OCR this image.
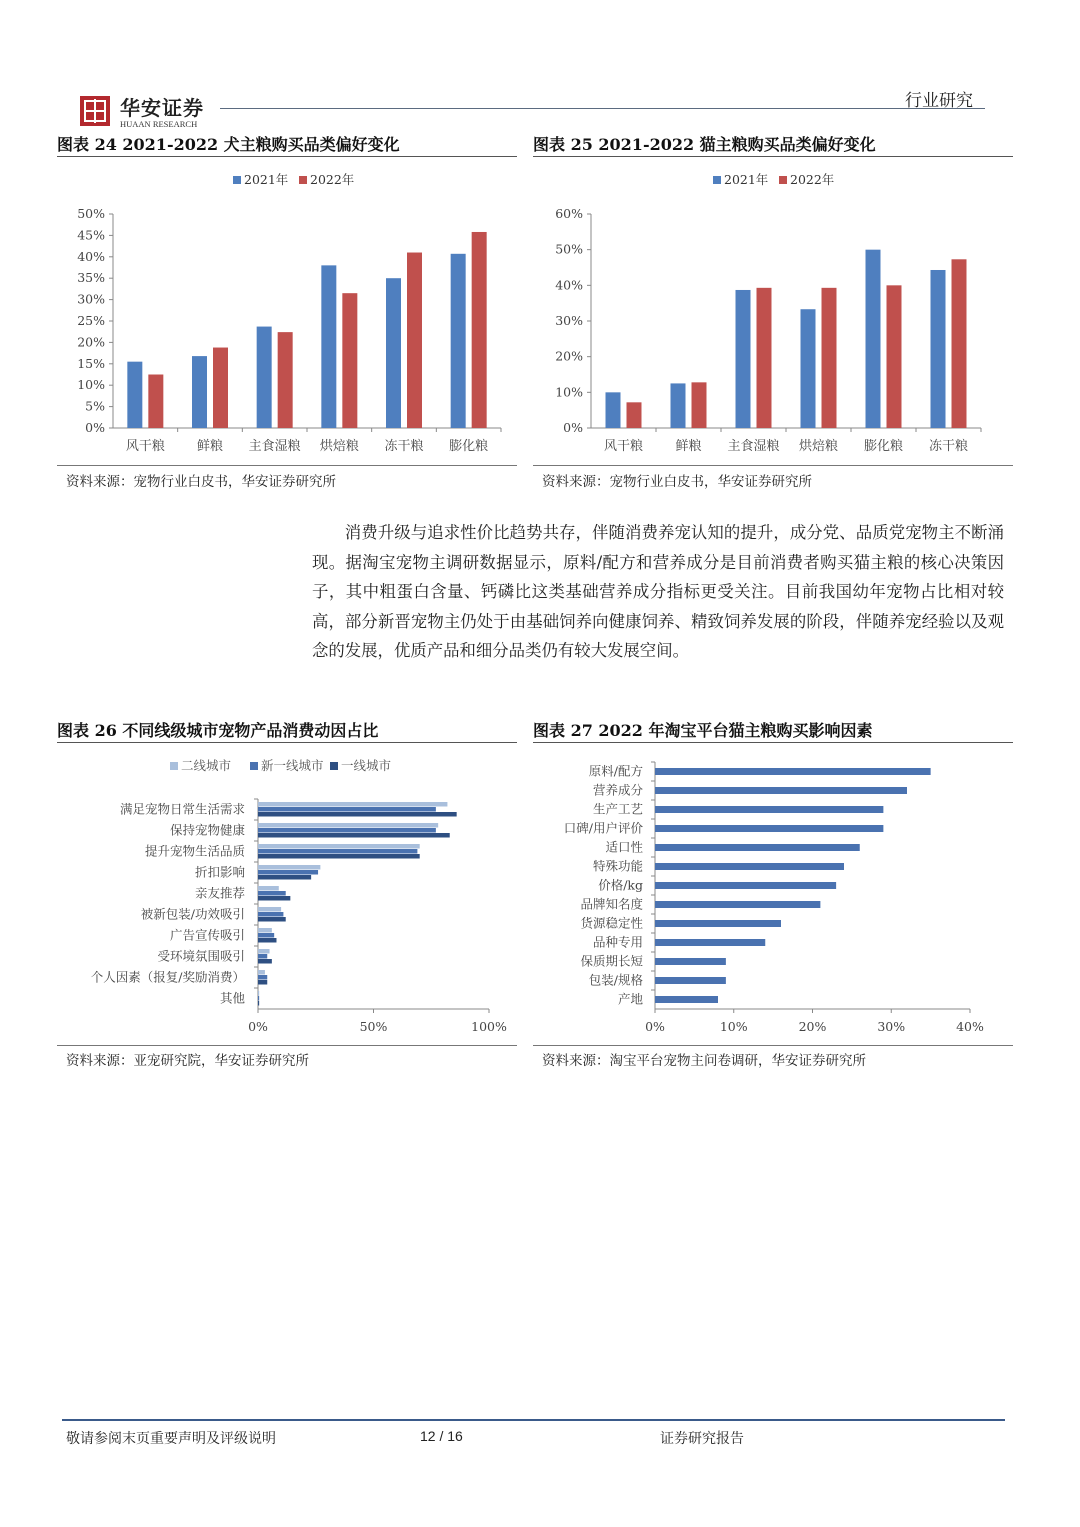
华安证券
HUAAN RESEARCH
行业研究
图表 24 2021-2022 犬主粮购买品类偏好变化
2021年 2022年
0%
5%
10%
15%
20%
25%
30%
35%
40%
45%
50%
风干粮 鲜粮 主食湿粮 烘焙粮 冻干粮 膨化粮
资料来源：宠物行业白皮书，华安证券研究所
图表 25 2021-2022 猫主粮购买品类偏好变化
2021年 2022年
0%
10%
20%
30%
40%
50%
60%
风干粮 鲜粮 主食湿粮 烘焙粮 膨化粮 冻干粮
资料来源：宠物行业白皮书，华安证券研究所

消费升级与追求性价比趋势共存，伴随消费养宠认知的提升，成分党、品质党宠物主不断涌现。据淘宝宠物主调研数据显示，原料/配方和营养成分是目前消费者购买猫主粮的核心决策因子，其中粗蛋白含量、钙磷比这类基础营养成分指标更受关注。目前我国幼年宠物占比相对较高，部分新晋宠物主仍处于由基础饲养向健康饲养、精致饲养发展的阶段，伴随养宠经验以及观念的发展，优质产品和细分品类仍有较大发展空间。

图表 26 不同线级城市宠物产品消费动因占比
二线城市 新一线城市 一线城市
满足宠物日常生活需求
保持宠物健康
提升宠物生活品质
折扣影响
亲友推荐
被新包装/功效吸引
广告宣传吸引
受环境氛围吸引
个人因素（报复/奖励消费）
其他
0%	50%	100%
资料来源：亚宠研究院，华安证券研究所
图表 27 2022 年淘宝平台猫主粮购买影响因素
原料/配方
营养成分
生产工艺
口碑/用户评价
适口性
特殊功能
价格/kg
品牌知名度
货源稳定性
品种专用
保质期长短
包装/规格
产地
0%	10%	20%	30%	40%
资料来源：淘宝平台宠物主问卷调研，华安证券研究所
敬请参阅末页重要声明及评级说明	12 / 16	证券研究报告
